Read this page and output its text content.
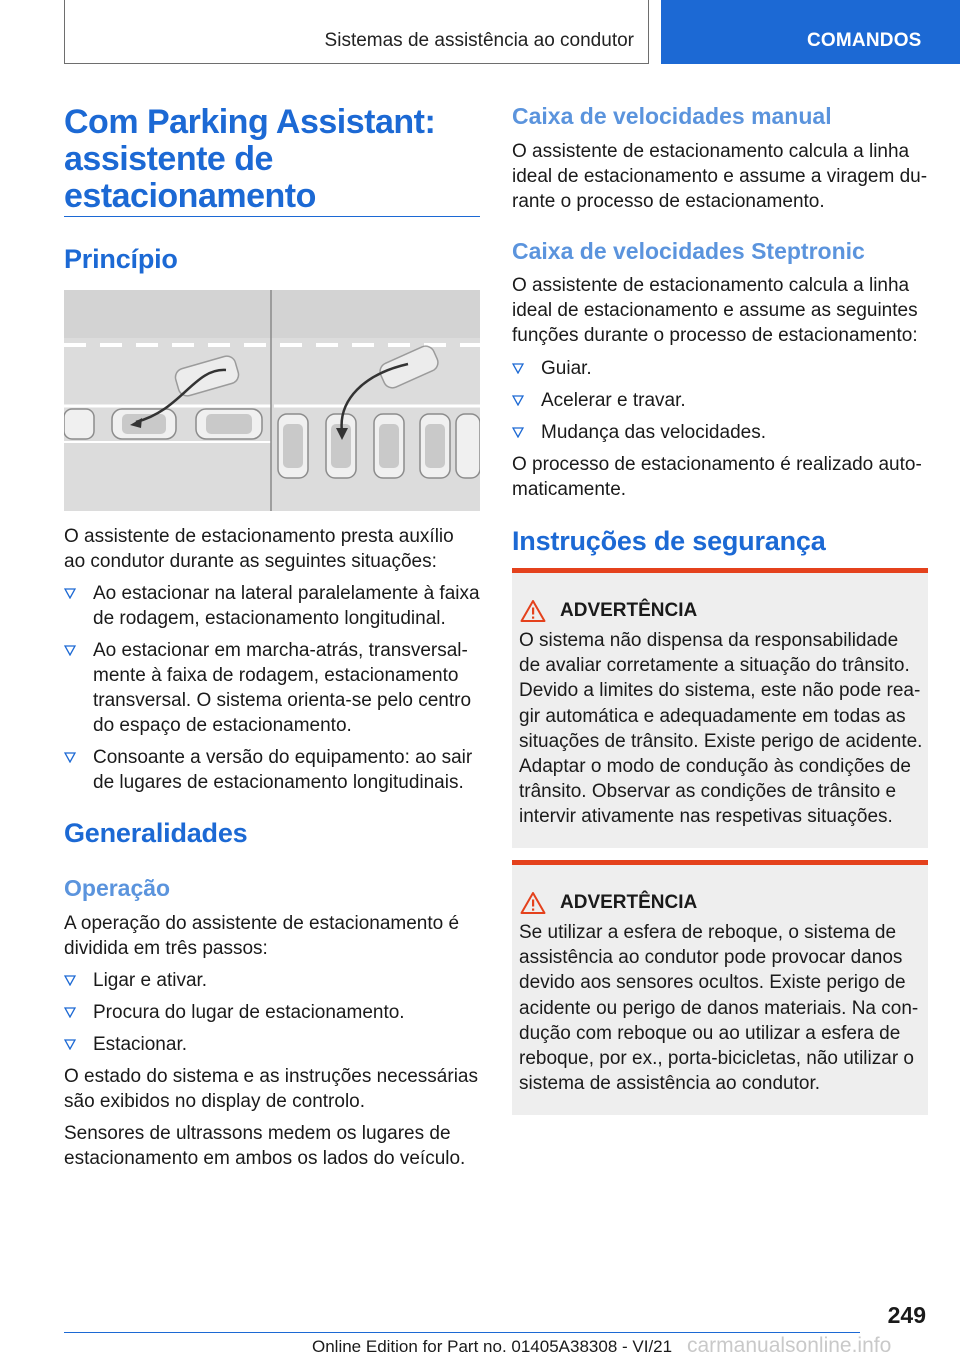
Sistemas de assistência ao condutor	COMANDOS
Com Parking Assistant: assistente de estacionamento
Princípio
O assistente de estacionamento presta auxílio ao condutor durante as seguintes situações:
Ao estacionar na lateral paralelamente à faixa de rodagem, estacionamento longitudinal.
Ao estacionar em marcha-atrás, transversal-mente à faixa de rodagem, estacionamento transversal. O sistema orienta-se pelo centro do espaço de estacionamento.
Consoante a versão do equipamento: ao sair de lugares de estacionamento longitudinais.
Generalidades
Operação
A operação do assistente de estacionamento é dividida em três passos:
Ligar e ativar.
Procura do lugar de estacionamento.
Estacionar.
O estado do sistema e as instruções necessárias são exibidos no display de controlo.
Sensores de ultrassons medem os lugares de estacionamento em ambos os lados do veículo.
Caixa de velocidades manual
O assistente de estacionamento calcula a linha ideal de estacionamento e assume a viragem du-rante o processo de estacionamento.
Caixa de velocidades Steptronic
O assistente de estacionamento calcula a linha ideal de estacionamento e assume as seguintes funções durante o processo de estacionamento:
Guiar.
Acelerar e travar.
Mudança das velocidades.
O processo de estacionamento é realizado auto-maticamente.
Instruções de segurança
ADVERTÊNCIA
O sistema não dispensa da responsabilidade de avaliar corretamente a situação do trânsito. Devido a limites do sistema, este não pode rea-gir automática e adequadamente em todas as situações de trânsito. Existe perigo de acidente. Adaptar o modo de condução às condições de trânsito. Observar as condições de trânsito e intervir ativamente nas respetivas situações.
ADVERTÊNCIA
Se utilizar a esfera de reboque, o sistema de assistência ao condutor pode provocar danos devido aos sensores ocultos. Existe perigo de acidente ou perigo de danos materiais. Na con-dução com reboque ou ao utilizar a esfera de reboque, por ex., porta-bicicletas, não utilizar o sistema de assistência ao condutor.
249
Online Edition for Part no. 01405A38308 - VI/21 carmanualsonline.info
